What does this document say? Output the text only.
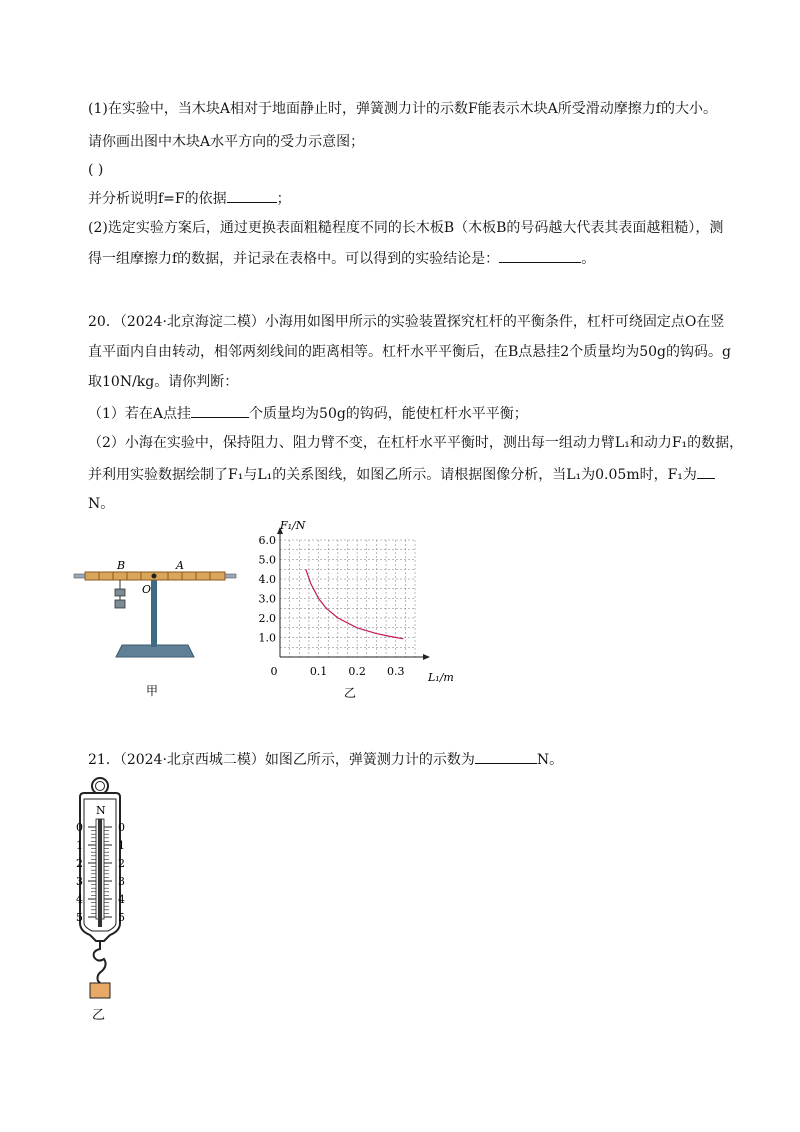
(1)在实验中，当木块A相对于地面静止时，弹簧测力计的示数F能表示木块A所受滑动摩擦力f的大小。
请你画出图中木块A水平方向的受力示意图；
( )
并分析说明f=F的依据	；
(2)选定实验方案后，通过更换表面粗糙程度不同的长木板B（木板B的号码越大代表其表面越粗糙），测
得一组摩擦力f的数据，并记录在表格中。可以得到的实验结论是：	。
20．（2024·北京海淀二模）小海用如图甲所示的实验装置探究杠杆的平衡条件，杠杆可绕固定点O在竖
直平面内自由转动，相邻两刻线间的距离相等。杠杆水平平衡后，在B点悬挂2个质量均为50g的钩码。g
取10N/kg。请你判断：
（1）若在A点挂	个质量均为50g的钩码，能使杠杆水平平衡；
（2）小海在实验中，保持阻力、阻力臂不变，在杠杆水平平衡时，测出每一组动力臂L₁和动力F₁的数据，
并利用实验数据绘制了F₁与L₁的关系图线，如图乙所示。请根据图像分析，当L₁为0.05m时，F₁为
N。
B	A
O
甲
1.0
2.0
3.0
4.0
5.0
6.0
0	0.1 0.2 0.3
F₁/N
L₁/m
乙
21．（2024·北京西城二模）如图乙所示，弹簧测力计的示数为	N。
N
0
1
2
3
4
5
0
1
2
3
4
5
乙
